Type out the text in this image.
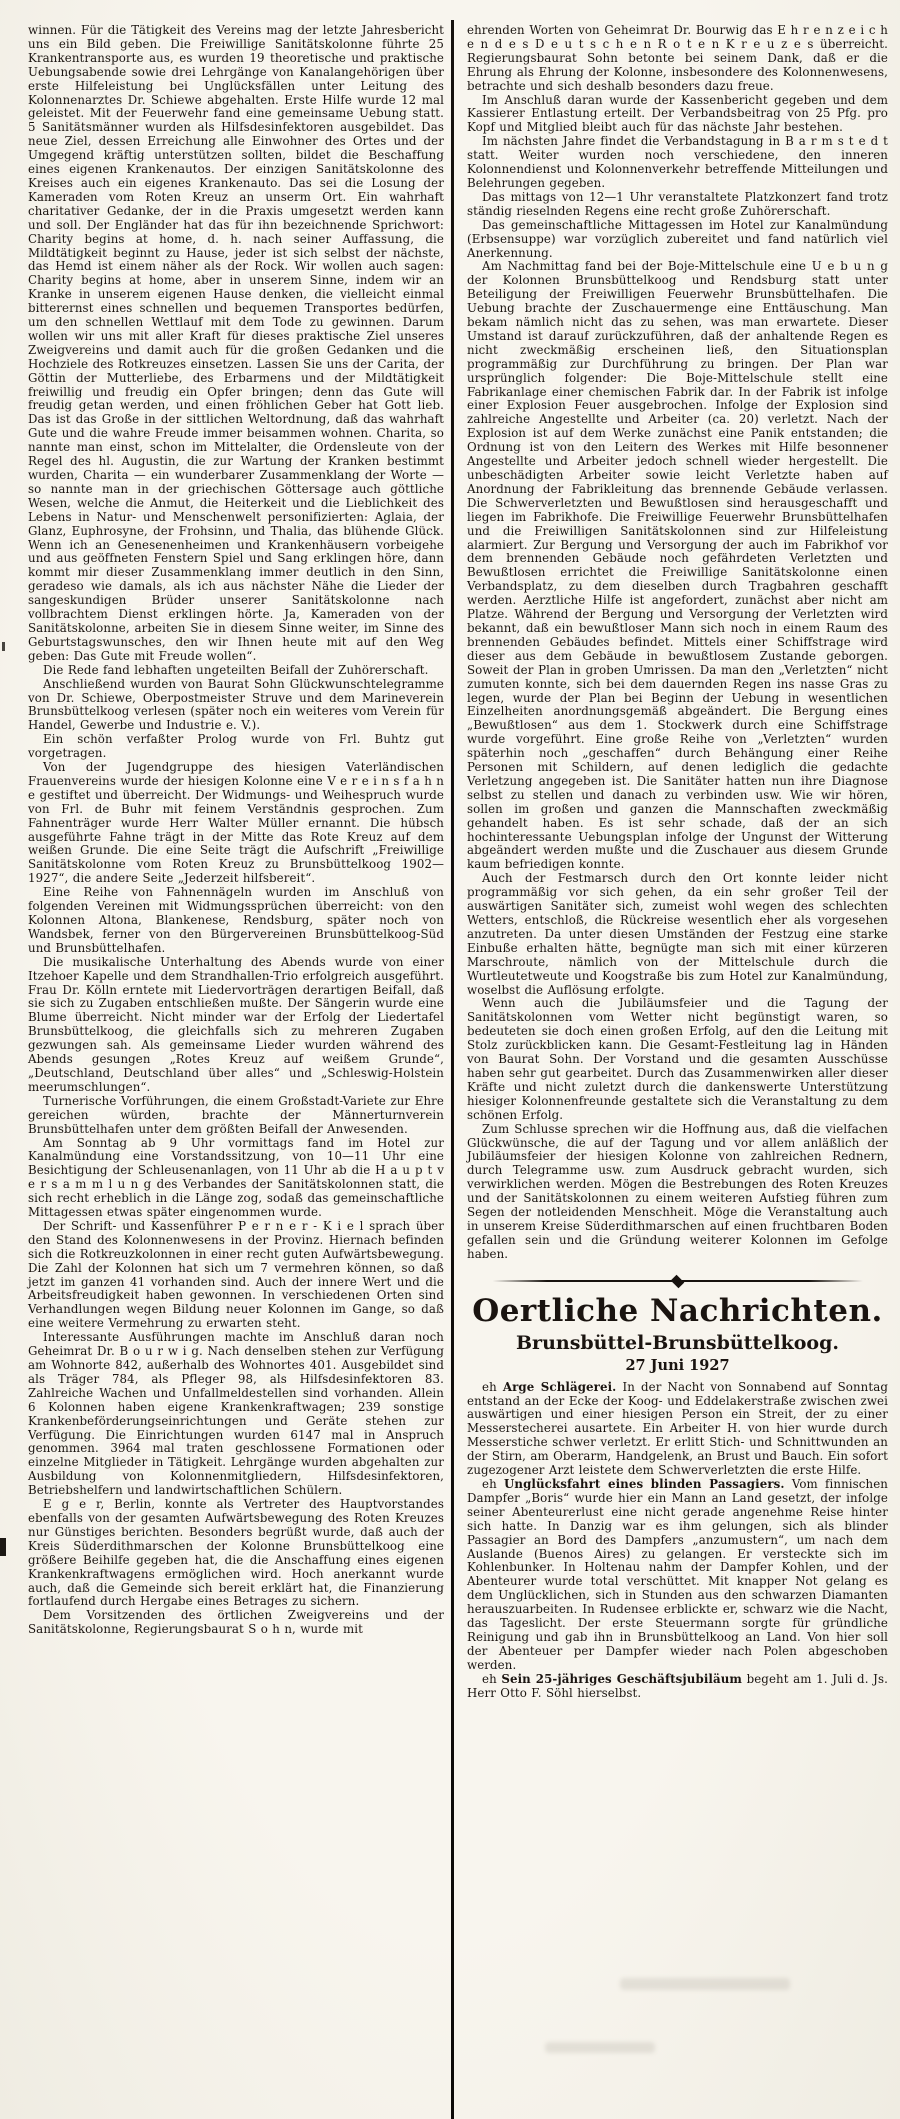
winnen. Für die Tätigkeit des Vereins mag der letzte Jahresbericht uns ein Bild geben. Die Freiwillige Sanitätskolonne führte 25 Krankentransporte aus, es wurden 19 theoretische und praktische Uebungsabende sowie drei Lehrgänge von Kanalangehörigen über erste Hilfeleistung bei Unglücksfällen unter Leitung des Kolonnenarztes Dr. Schiewe abgehalten. Erste Hilfe wurde 12 mal geleistet. Mit der Feuerwehr fand eine gemeinsame Uebung statt. 5 Sanitätsmänner wurden als Hilfsdesinfektoren ausgebildet. Das neue Ziel, dessen Erreichung alle Einwohner des Ortes und der Umgegend kräftig unterstützen sollten, bildet die Beschaffung eines eigenen Krankenautos. Der einzigen Sanitätskolonne des Kreises auch ein eigenes Krankenauto. Das sei die Losung der Kameraden vom Roten Kreuz an unserm Ort. Ein wahrhaft charitativer Gedanke, der in die Praxis umgesetzt werden kann und soll. Der Engländer hat das für ihn bezeichnende Sprichwort: Charity begins at home, d. h. nach seiner Auffassung, die Mildtätigkeit beginnt zu Hause, jeder ist sich selbst der nächste, das Hemd ist einem näher als der Rock. Wir wollen auch sagen: Charity begins at home, aber in unserem Sinne, indem wir an Kranke in unserem eigenen Hause denken, die vielleicht einmal bitterernst eines schnellen und bequemen Transportes bedürfen, um den schnellen Wettlauf mit dem Tode zu gewinnen. Darum wollen wir uns mit aller Kraft für dieses praktische Ziel unseres Zweigvereins und damit auch für die großen Gedanken und die Hochziele des Rotkreuzes einsetzen. Lassen Sie uns der Carita, der Göttin der Mutterliebe, des Erbarmens und der Mildtätigkeit freiwillig und freudig ein Opfer bringen; denn das Gute will freudig getan werden, und einen fröhlichen Geber hat Gott lieb. Das ist das Große in der sittlichen Weltordnung, daß das wahrhaft Gute und die wahre Freude immer beisammen wohnen. Charita, so nannte man einst, schon im Mittelalter, die Ordensleute von der Regel des hl. Augustin, die zur Wartung der Kranken bestimmt wurden, Charita — ein wunderbarer Zusammenklang der Worte — so nannte man in der griechischen Göttersage auch göttliche Wesen, welche die Anmut, die Heiterkeit und die Lieblichkeit des Lebens in Natur- und Menschenwelt personifizierten: Aglaia, der Glanz, Euphrosyne, der Frohsinn, und Thalia, das blühende Glück. Wenn ich an Genesenenheimen und Krankenhäusern vorbeigehe und aus geöffneten Fenstern Spiel und Sang erklingen höre, dann kommt mir dieser Zusammenklang immer deutlich in den Sinn, geradeso wie damals, als ich aus nächster Nähe die Lieder der sangeskundigen Brüder unserer Sanitätskolonne nach vollbrachtem Dienst erklingen hörte. Ja, Kameraden von der Sanitätskolonne, arbeiten Sie in diesem Sinne weiter, im Sinne des Geburtstagswunsches, den wir Ihnen heute mit auf den Weg geben: Das Gute mit Freude wollen“.

Die Rede fand lebhaften ungeteilten Beifall der Zuhörerschaft.

Anschließend wurden von Baurat Sohn Glückwunschtelegramme von Dr. Schiewe, Oberpostmeister Struve und dem Marineverein Brunsbüttelkoog verlesen (später noch ein weiteres vom Verein für Handel, Gewerbe und Industrie e. V.).

Ein schön verfaßter Prolog wurde von Frl. Buhtz gut vorgetragen.

Von der Jugendgruppe des hiesigen Vaterländischen Frauenvereins wurde der hiesigen Kolonne eine V e r e i n s f a h n e gestiftet und überreicht. Der Widmungs- und Weihespruch wurde von Frl. de Buhr mit feinem Verständnis gesprochen. Zum Fahnenträger wurde Herr Walter Müller ernannt. Die hübsch ausgeführte Fahne trägt in der Mitte das Rote Kreuz auf dem weißen Grunde. Die eine Seite trägt die Aufschrift „Freiwillige Sanitätskolonne vom Roten Kreuz zu Brunsbüttelkoog 1902—1927“, die andere Seite „Jederzeit hilfsbereit“.

Eine Reihe von Fahnennägeln wurden im Anschluß von folgenden Vereinen mit Widmungssprüchen überreicht: von den Kolonnen Altona, Blankenese, Rendsburg, später noch von Wandsbek, ferner von den Bürgervereinen Brunsbüttelkoog-Süd und Brunsbüttelhafen.

Die musikalische Unterhaltung des Abends wurde von einer Itzehoer Kapelle und dem Strandhallen-Trio erfolgreich ausgeführt. Frau Dr. Kölln erntete mit Liedervorträgen derartigen Beifall, daß sie sich zu Zugaben entschließen mußte. Der Sängerin wurde eine Blume überreicht. Nicht minder war der Erfolg der Liedertafel Brunsbüttelkoog, die gleichfalls sich zu mehreren Zugaben gezwungen sah. Als gemeinsame Lieder wurden während des Abends gesungen „Rotes Kreuz auf weißem Grunde“, „Deutschland, Deutschland über alles“ und „Schleswig-Holstein meerumschlungen“.

Turnerische Vorführungen, die einem Großstadt-Variete zur Ehre gereichen würden, brachte der Männerturnverein Brunsbüttelhafen unter dem größten Beifall der Anwesenden.

Am Sonntag ab 9 Uhr vormittags fand im Hotel zur Kanalmündung eine Vorstandssitzung, von 10—11 Uhr eine Besichtigung der Schleusenanlagen, von 11 Uhr ab die H a u p t v e r s a m m l u n g des Verbandes der Sanitätskolonnen statt, die sich recht erheblich in die Länge zog, sodaß das gemeinschaftliche Mittagessen etwas später eingenommen wurde.

Der Schrift- und Kassenführer P e r n e r - K i e l sprach über den Stand des Kolonnenwesens in der Provinz. Hiernach befinden sich die Rotkreuzkolonnen in einer recht guten Aufwärtsbewegung. Die Zahl der Kolonnen hat sich um 7 vermehren können, so daß jetzt im ganzen 41 vorhanden sind. Auch der innere Wert und die Arbeitsfreudigkeit haben gewonnen. In verschiedenen Orten sind Verhandlungen wegen Bildung neuer Kolonnen im Gange, so daß eine weitere Vermehrung zu erwarten steht.

Interessante Ausführungen machte im Anschluß daran noch Geheimrat Dr. B o u r w i g. Nach denselben stehen zur Verfügung am Wohnorte 842, außerhalb des Wohnortes 401. Ausgebildet sind als Träger 784, als Pfleger 98, als Hilfsdesinfektoren 83. Zahlreiche Wachen und Unfallmeldestellen sind vorhanden. Allein 6 Kolonnen haben eigene Krankenkraftwagen; 239 sonstige Krankenbeförderungseinrichtungen und Geräte stehen zur Verfügung. Die Einrichtungen wurden 6147 mal in Anspruch genommen. 3964 mal traten geschlossene Formationen oder einzelne Mitglieder in Tätigkeit. Lehrgänge wurden abgehalten zur Ausbildung von Kolonnenmitgliedern, Hilfsdesinfektoren, Betriebshelfern und landwirtschaftlichen Schülern.

E g e r, Berlin, konnte als Vertreter des Hauptvorstandes ebenfalls von der gesamten Aufwärtsbewegung des Roten Kreuzes nur Günstiges berichten. Besonders begrüßt wurde, daß auch der Kreis Süderdithmarschen der Kolonne Brunsbüttelkoog eine größere Beihilfe gegeben hat, die die Anschaffung eines eigenen Krankenkraftwagens ermöglichen wird. Hoch anerkannt wurde auch, daß die Gemeinde sich bereit erklärt hat, die Finanzierung fortlaufend durch Hergabe eines Betrages zu sichern.

Dem Vorsitzenden des örtlichen Zweigvereins und der Sanitätskolonne, Regierungsbaurat S o h n, wurde mit

ehrenden Worten von Geheimrat Dr. Bourwig das E h r e n z e i c h e n d e s D e u t s c h e n R o t e n K r e u z e s überreicht. Regierungsbaurat Sohn betonte bei seinem Dank, daß er die Ehrung als Ehrung der Kolonne, insbesondere des Kolonnenwesens, betrachte und sich deshalb besonders dazu freue.

Im Anschluß daran wurde der Kassenbericht gegeben und dem Kassierer Entlastung erteilt. Der Verbandsbeitrag von 25 Pfg. pro Kopf und Mitglied bleibt auch für das nächste Jahr bestehen.

Im nächsten Jahre findet die Verbandstagung in B a r m s t e d t statt. Weiter wurden noch verschiedene, den inneren Kolonnendienst und Kolonnenverkehr betreffende Mitteilungen und Belehrungen gegeben.

Das mittags von 12—1 Uhr veranstaltete Platzkonzert fand trotz ständig rieselnden Regens eine recht große Zuhörerschaft.

Das gemeinschaftliche Mittagessen im Hotel zur Kanalmündung (Erbsensuppe) war vorzüglich zubereitet und fand natürlich viel Anerkennung.

Am Nachmittag fand bei der Boje-Mittelschule eine U e b u n g der Kolonnen Brunsbüttelkoog und Rendsburg statt unter Beteiligung der Freiwilligen Feuerwehr Brunsbüttelhafen. Die Uebung brachte der Zuschauermenge eine Enttäuschung. Man bekam nämlich nicht das zu sehen, was man erwartete. Dieser Umstand ist darauf zurückzuführen, daß der anhaltende Regen es nicht zweckmäßig erscheinen ließ, den Situationsplan programmäßig zur Durchführung zu bringen. Der Plan war ursprünglich folgender: Die Boje-Mittelschule stellt eine Fabrikanlage einer chemischen Fabrik dar. In der Fabrik ist infolge einer Explosion Feuer ausgebrochen. Infolge der Explosion sind zahlreiche Angestellte und Arbeiter (ca. 20) verletzt. Nach der Explosion ist auf dem Werke zunächst eine Panik entstanden; die Ordnung ist von den Leitern des Werkes mit Hilfe besonnener Angestellte und Arbeiter jedoch schnell wieder hergestellt. Die unbeschädigten Arbeiter sowie leicht Verletzte haben auf Anordnung der Fabrikleitung das brennende Gebäude verlassen. Die Schwerverletzten und Bewußtlosen sind herausgeschafft und liegen im Fabrikhofe. Die Freiwillige Feuerwehr Brunsbüttelhafen und die Freiwilligen Sanitätskolonnen sind zur Hilfeleistung alarmiert. Zur Bergung und Versorgung der auch im Fabrikhof vor dem brennenden Gebäude noch gefährdeten Verletzten und Bewußtlosen errichtet die Freiwillige Sanitätskolonne einen Verbandsplatz, zu dem dieselben durch Tragbahren geschafft werden. Aerztliche Hilfe ist angefordert, zunächst aber nicht am Platze. Während der Bergung und Versorgung der Verletzten wird bekannt, daß ein bewußtloser Mann sich noch in einem Raum des brennenden Gebäudes befindet. Mittels einer Schiffstrage wird dieser aus dem Gebäude in bewußtlosem Zustande geborgen. Soweit der Plan in groben Umrissen. Da man den „Verletzten“ nicht zumuten konnte, sich bei dem dauernden Regen ins nasse Gras zu legen, wurde der Plan bei Beginn der Uebung in wesentlichen Einzelheiten anordnungsgemäß abgeändert. Die Bergung eines „Bewußtlosen“ aus dem 1. Stockwerk durch eine Schiffstrage wurde vorgeführt. Eine große Reihe von „Verletzten“ wurden späterhin noch „geschaffen“ durch Behängung einer Reihe Personen mit Schildern, auf denen lediglich die gedachte Verletzung angegeben ist. Die Sanitäter hatten nun ihre Diagnose selbst zu stellen und danach zu verbinden usw. Wie wir hören, sollen im großen und ganzen die Mannschaften zweckmäßig gehandelt haben. Es ist sehr schade, daß der an sich hochinteressante Uebungsplan infolge der Ungunst der Witterung abgeändert werden mußte und die Zuschauer aus diesem Grunde kaum befriedigen konnte.

Auch der Festmarsch durch den Ort konnte leider nicht programmäßig vor sich gehen, da ein sehr großer Teil der auswärtigen Sanitäter sich, zumeist wohl wegen des schlechten Wetters, entschloß, die Rückreise wesentlich eher als vorgesehen anzutreten. Da unter diesen Umständen der Festzug eine starke Einbuße erhalten hätte, begnügte man sich mit einer kürzeren Marschroute, nämlich von der Mittelschule durch die Wurtleutetweute und Koogstraße bis zum Hotel zur Kanalmündung, woselbst die Auflösung erfolgte.

Wenn auch die Jubiläumsfeier und die Tagung der Sanitätskolonnen vom Wetter nicht begünstigt waren, so bedeuteten sie doch einen großen Erfolg, auf den die Leitung mit Stolz zurückblicken kann. Die Gesamt-Festleitung lag in Händen von Baurat Sohn. Der Vorstand und die gesamten Ausschüsse haben sehr gut gearbeitet. Durch das Zusammenwirken aller dieser Kräfte und nicht zuletzt durch die dankenswerte Unterstützung hiesiger Kolonnenfreunde gestaltete sich die Veranstaltung zu dem schönen Erfolg.

Zum Schlusse sprechen wir die Hoffnung aus, daß die vielfachen Glückwünsche, die auf der Tagung und vor allem anläßlich der Jubiläumsfeier der hiesigen Kolonne von zahlreichen Rednern, durch Telegramme usw. zum Ausdruck gebracht wurden, sich verwirklichen werden. Mögen die Bestrebungen des Roten Kreuzes und der Sanitätskolonnen zu einem weiteren Aufstieg führen zum Segen der notleidenden Menschheit. Möge die Veranstaltung auch in unserem Kreise Süderdithmarschen auf einen fruchtbaren Boden gefallen sein und die Gründung weiterer Kolonnen im Gefolge haben.

Oertliche Nachrichten.
Brunsbüttel-Brunsbüttelkoog.
27 Juni 1927

eh Arge Schlägerei. In der Nacht von Sonnabend auf Sonntag entstand an der Ecke der Koog- und Eddelakerstraße zwischen zwei auswärtigen und einer hiesigen Person ein Streit, der zu einer Messerstecherei ausartete. Ein Arbeiter H. von hier wurde durch Messerstiche schwer verletzt. Er erlitt Stich- und Schnittwunden an der Stirn, am Oberarm, Handgelenk, an Brust und Bauch. Ein sofort zugezogener Arzt leistete dem Schwerverletzten die erste Hilfe.

eh Unglücksfahrt eines blinden Passagiers. Vom finnischen Dampfer „Boris“ wurde hier ein Mann an Land gesetzt, der infolge seiner Abenteurerlust eine nicht gerade angenehme Reise hinter sich hatte. In Danzig war es ihm gelungen, sich als blinder Passagier an Bord des Dampfers „anzumustern“, um nach dem Auslande (Buenos Aires) zu gelangen. Er versteckte sich im Kohlenbunker. In Holtenau nahm der Dampfer Kohlen, und der Abenteurer wurde total verschüttet. Mit knapper Not gelang es dem Unglücklichen, sich in Stunden aus den schwarzen Diamanten herauszuarbeiten. In Rudensee erblickte er, schwarz wie die Nacht, das Tageslicht. Der erste Steuermann sorgte für gründliche Reinigung und gab ihn in Brunsbüttelkoog an Land. Von hier soll der Abenteuer per Dampfer wieder nach Polen abgeschoben werden.

eh Sein 25-jähriges Geschäftsjubiläum begeht am 1. Juli d. Js. Herr Otto F. Söhl hierselbst.
